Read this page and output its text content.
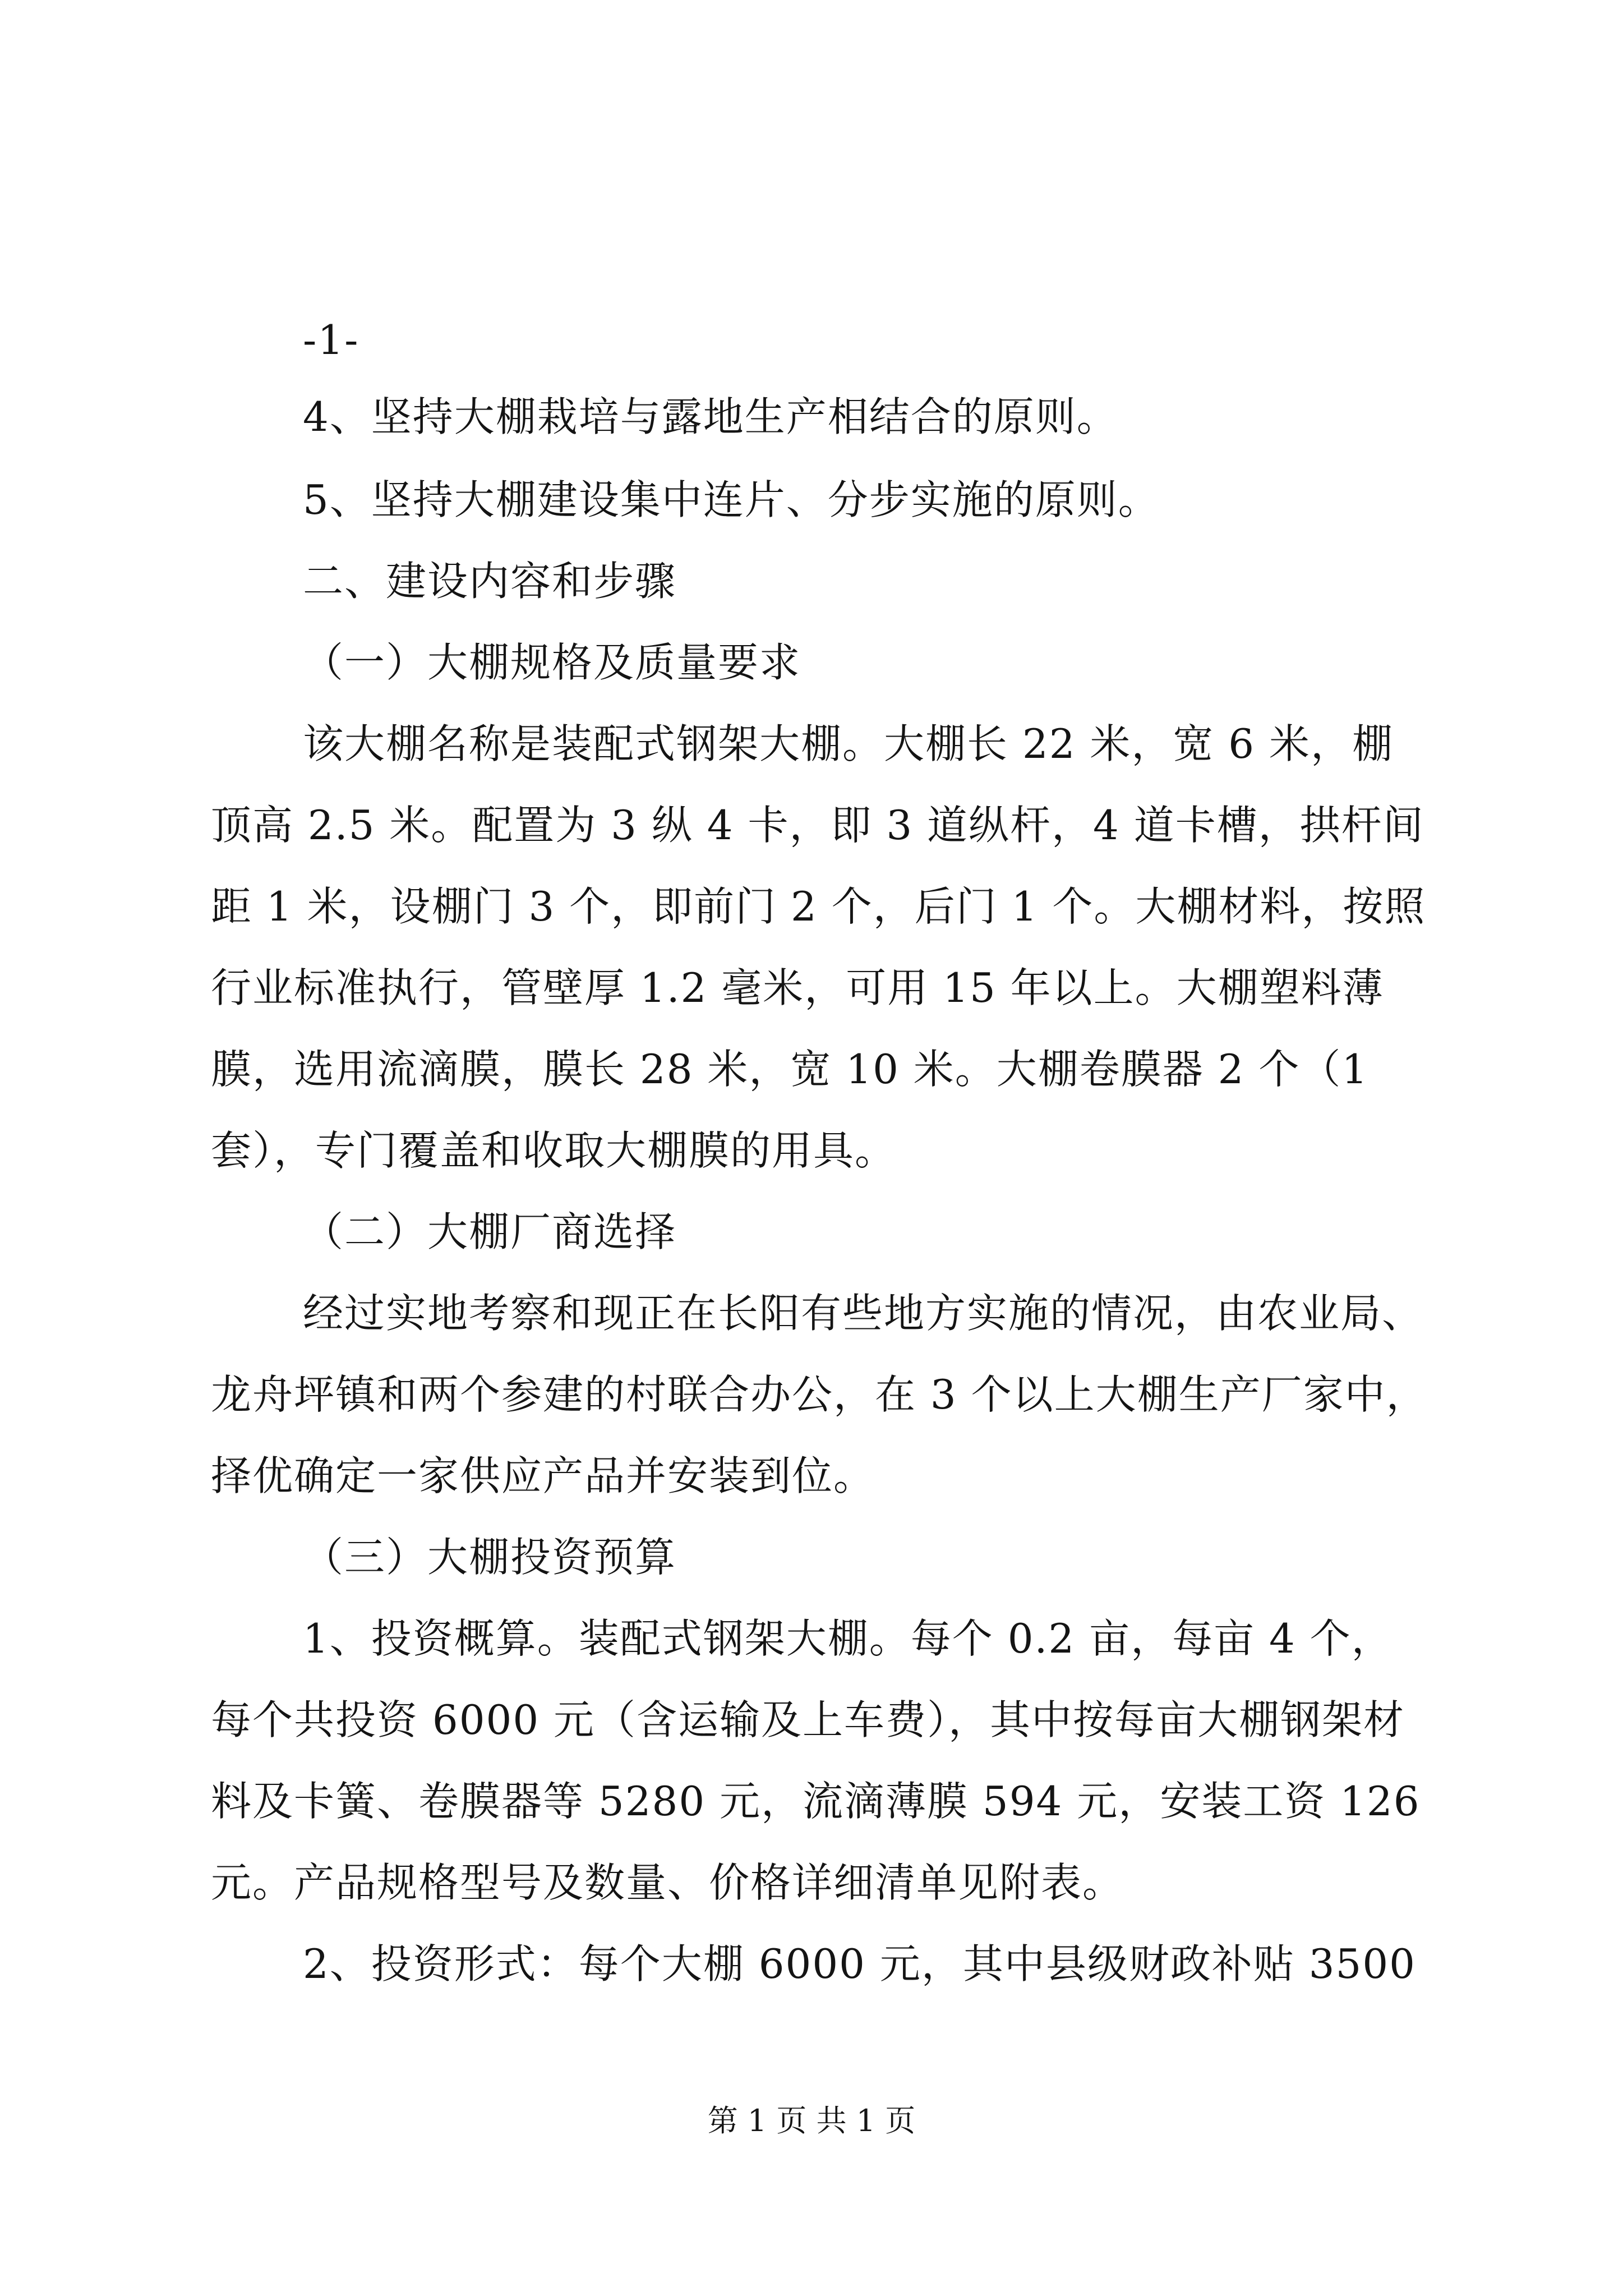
-1-
4、坚持大棚栽培与露地生产相结合的原则。
5、坚持大棚建设集中连片、分步实施的原则。
二、建设内容和步骤
（一）大棚规格及质量要求
该大棚名称是装配式钢架大棚。大棚长 22 米，宽 6 米，棚
顶高 2.5 米。配置为 3 纵 4 卡，即 3 道纵杆，4 道卡槽，拱杆间
距 1 米，设棚门 3 个，即前门 2 个，后门 1 个。大棚材料，按照
行业标准执行，管壁厚 1.2 毫米，可用 15 年以上。大棚塑料薄
膜，选用流滴膜，膜长 28 米，宽 10 米。大棚卷膜器 2 个（1
套），专门覆盖和收取大棚膜的用具。
（二）大棚厂商选择
经过实地考察和现正在长阳有些地方实施的情况，由农业局、
龙舟坪镇和两个参建的村联合办公，在 3 个以上大棚生产厂家中，
择优确定一家供应产品并安装到位。
（三）大棚投资预算
1、投资概算。装配式钢架大棚。每个 0.2 亩，每亩 4 个，
每个共投资 6000 元（含运输及上车费），其中按每亩大棚钢架材
料及卡簧、卷膜器等 5280 元，流滴薄膜 594 元，安装工资 126
元。产品规格型号及数量、价格详细清单见附表。
2、投资形式：每个大棚 6000 元，其中县级财政补贴 3500
第 1 页 共 1 页
